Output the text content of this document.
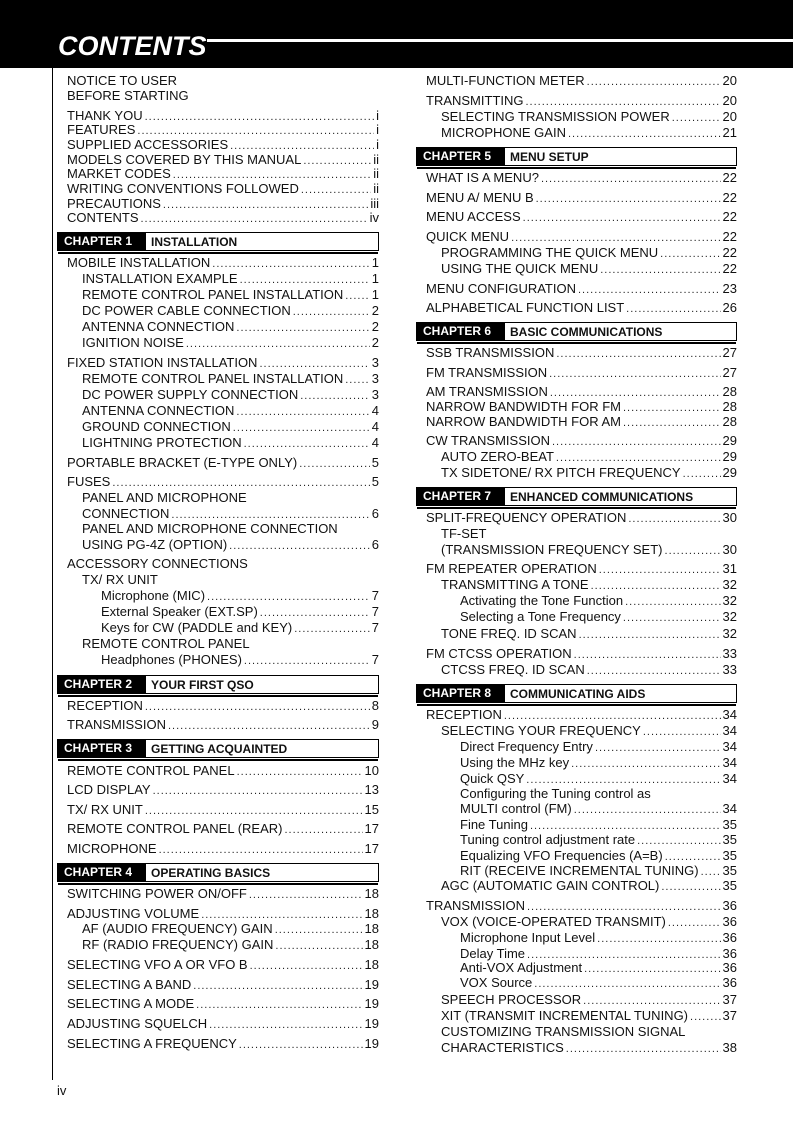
CONTENTS
NOTICE TO USER
BEFORE STARTING
THANK YOU .....	i
FEATURES .....	i
SUPPLIED ACCESSORIES .....	i
MODELS COVERED BY THIS MANUAL .....	ii
MARKET CODES .....	ii
WRITING CONVENTIONS FOLLOWED .....	ii
PRECAUTIONS .....	iii
CONTENTS .....	iv
CHAPTER 1	INSTALLATION
MOBILE INSTALLATION .....	1
INSTALLATION EXAMPLE .....	1
REMOTE CONTROL PANEL INSTALLATION ..... 1
DC POWER CABLE CONNECTION .....	2
ANTENNA CONNECTION .....	2
IGNITION NOISE .....	2
FIXED STATION INSTALLATION .....	3
REMOTE CONTROL PANEL INSTALLATION ..... 3
DC POWER SUPPLY CONNECTION .....	3
ANTENNA CONNECTION .....	4
GROUND CONNECTION .....	4
LIGHTNING PROTECTION .....	4
PORTABLE BRACKET (E-TYPE ONLY) .....	5
FUSES .....	5
PANEL AND MICROPHONE
CONNECTION .....	6
PANEL AND MICROPHONE CONNECTION
USING PG-4Z (OPTION) .....	6
ACCESSORY CONNECTIONS
TX/ RX UNIT
Microphone (MIC) .....	7
External Speaker (EXT.SP) .....	7
Keys for CW (PADDLE and KEY) .....	7
REMOTE CONTROL PANEL
Headphones (PHONES) .....	7
CHAPTER 2	YOUR FIRST QSO
RECEPTION .....	8
TRANSMISSION .....	9
CHAPTER 3	GETTING ACQUAINTED
REMOTE CONTROL PANEL .....	10
LCD DISPLAY .....	13
TX/ RX UNIT .....	15
REMOTE CONTROL PANEL (REAR) .....	17
MICROPHONE .....	17
CHAPTER 4	OPERATING BASICS
SWITCHING POWER ON/OFF .....	18
ADJUSTING VOLUME .....	18
AF (AUDIO FREQUENCY) GAIN .....	18
RF (RADIO FREQUENCY) GAIN .....	18
SELECTING VFO A OR VFO B .....	18
SELECTING A BAND .....	19
SELECTING A MODE .....	19
ADJUSTING SQUELCH .....	19
SELECTING A FREQUENCY .....	19
MULTI-FUNCTION METER .....	20
TRANSMITTING .....	20
SELECTING TRANSMISSION POWER .....	20
MICROPHONE GAIN .....	21
CHAPTER 5	MENU SETUP
WHAT IS A MENU? .....	22
MENU A/ MENU B .....	22
MENU ACCESS .....	22
QUICK MENU .....	22
PROGRAMMING THE QUICK MENU .....	22
USING THE QUICK MENU .....	22
MENU CONFIGURATION .....	23
ALPHABETICAL FUNCTION LIST .....	26
CHAPTER 6	BASIC COMMUNICATIONS
SSB TRANSMISSION .....	27
FM TRANSMISSION .....	27
AM TRANSMISSION .....	28
NARROW BANDWIDTH FOR FM .....	28
NARROW BANDWIDTH FOR AM .....	28
CW TRANSMISSION .....	29
AUTO ZERO-BEAT .....	29
TX SIDETONE/ RX PITCH FREQUENCY .....	29
CHAPTER 7	ENHANCED COMMUNICATIONS
SPLIT-FREQUENCY OPERATION .....	30
TF-SET
(TRANSMISSION FREQUENCY SET) .....	30
FM REPEATER OPERATION .....	31
TRANSMITTING A TONE .....	32
Activating the Tone Function .....	32
Selecting a Tone Frequency .....	32
TONE FREQ. ID SCAN .....	32
FM CTCSS OPERATION .....	33
CTCSS FREQ. ID SCAN .....	33
CHAPTER 8	COMMUNICATING AIDS
RECEPTION .....	34
SELECTING YOUR FREQUENCY .....	34
Direct Frequency Entry .....	34
Using the MHz key .....	34
Quick QSY .....	34
Configuring the Tuning control as
MULTI control (FM) .....	34
Fine Tuning .....	35
Tuning control adjustment rate .....	35
Equalizing VFO Frequencies (A=B) .....	35
RIT (RECEIVE INCREMENTAL TUNING) ..... 35
AGC (AUTOMATIC GAIN CONTROL) .....	35
TRANSMISSION .....	36
VOX (VOICE-OPERATED TRANSMIT) .....	36
Microphone Input Level .....	36
Delay Time .....	36
Anti-VOX Adjustment .....	36
VOX Source .....	36
SPEECH PROCESSOR .....	37
XIT (TRANSMIT INCREMENTAL TUNING) .....	37
CUSTOMIZING TRANSMISSION SIGNAL
CHARACTERISTICS .....	38
iv
